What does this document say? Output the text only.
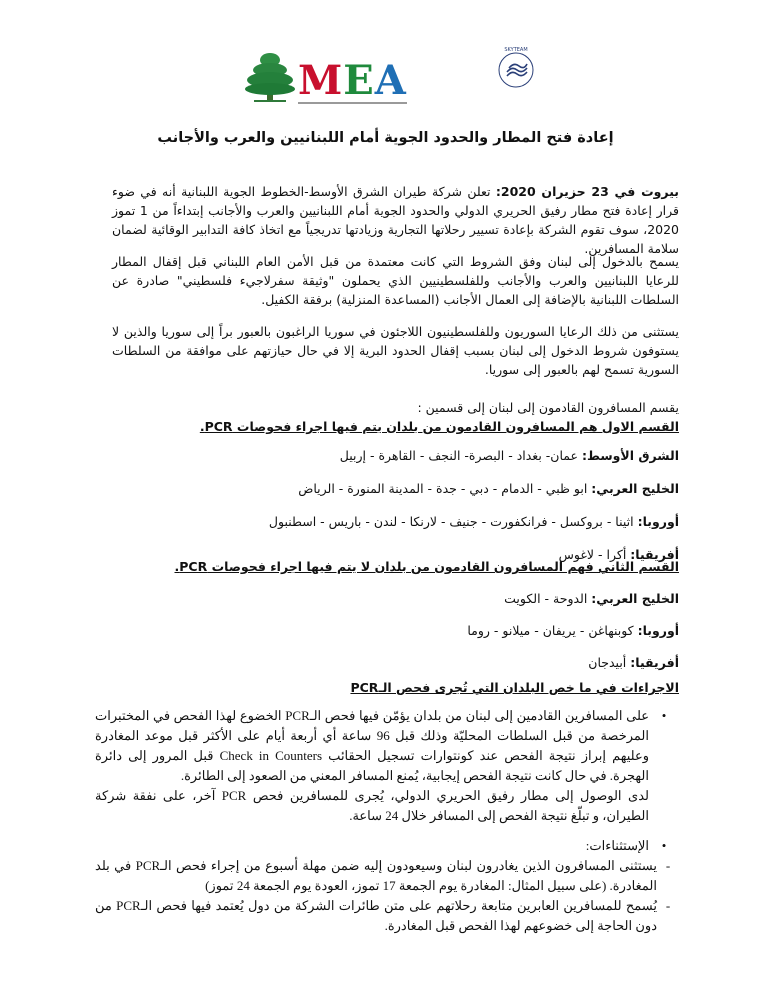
M E A
SKYTEAM
إعادة فتح المطار والحدود الجوية أمام اللبنانيين والعرب والأجانب

بيروت في 23 حزيران 2020: تعلن شركة طيران الشرق الأوسط-الخطوط الجوية اللبنانية أنه في ضوء قرار إعادة فتح مطار رفيق الحريري الدولي والحدود الجوية أمام اللبنانيين والعرب والأجانب إبتداءاً من 1 تموز 2020، سوف تقوم الشركة بإعادة تسيير رحلاتها التجارية وزيادتها تدريجياً مع اتخاذ كافة التدابير الوقائية لضمان سلامة المسافرين.

يسمح بالدخول إلى لبنان وفق الشروط التي كانت معتمدة من قبل الأمن العام اللبناني قبل إقفال المطار للرعايا اللبنانيين والعرب والأجانب وللفلسطينيين الذي يحملون "وثيقة سفرلاجيء فلسطيني" صادرة عن السلطات اللبنانية بالإضافة إلى العمال الأجانب (المساعدة المنزلية) برفقة الكفيل.

يستثنى من ذلك الرعايا السوريون وللفلسطينيون اللاجئون في سوريا الراغبون بالعبور براً إلى سوريا والذين لا يستوفون شروط الدخول إلى لبنان بسبب إقفال الحدود البرية إلا في حال حيازتهم على موافقة من السلطات السورية تسمح لهم بالعبور إلى سوريا.

يقسم المسافرون القادمون إلى لبنان إلى قسمين :

القسم الاول هم المسافرون القادمون من بلدان يتم فيها اجراء فحوصات PCR.

الشرق الأوسط: عمان- بغداد - البصرة- النجف - القاهرة - إربيل

الخليج العربي: ابو ظبي - الدمام - دبي - جدة - المدينة المنورة - الرياض

أوروبا: اثينا - بروكسل - فرانكفورت - جنيف - لارنكا - لندن - باريس - اسطنبول

أفريقيا: أكرا - لاغوس

القسم الثاني فهم المسافرون القادمون من بلدان لا يتم فيها اجراء فحوصات PCR.

الخليج العربي: الدوحة - الكويت

أوروبا: كوبنهاغن - يريفان - ميلانو - روما

أفريقيا: أبيدجان

الاجراءات في ما خص البلدان التي تُجرى فحص الـPCR

•
على المسافرين القادمين إلى لبنان من بلدان يؤمّن فيها فحص الـPCR الخضوع لهذا الفحص في المختبرات المرخصة من قبل السلطات المحليّة وذلك قبل 96 ساعة أي أربعة أيام على الأكثر قبل موعد المغادرة وعليهم إبراز نتيجة الفحص عند كونتوارات تسجيل الحقائب Check in Counters قبل المرور إلى دائرة الهجرة. في حال كانت نتيجة الفحص إيجابية، يُمنع المسافر المعني من الصعود إلى الطائرة.
لدى الوصول إلى مطار رفيق الحريري الدولي، يُجرى للمسافرين فحص PCR آخر، على نفقة شركة الطيران، و تبلّغ نتيجة الفحص إلى المسافر خلال 24 ساعة.
•
الإستثناءات:
-
يستثنى المسافرون الذين يغادرون لبنان وسيعودون إليه ضمن مهلة أسبوع من إجراء فحص الـPCR في بلد المغادرة. (على سبيل المثال: المغادرة يوم الجمعة 17 تموز، العودة يوم الجمعة 24 تموز)
-
يُسمح للمسافرين العابرين متابعة رحلاتهم على متن طائرات الشركة من دول يُعتمد فيها فحص الـPCR من دون الحاجة إلى خضوعهم لهذا الفحص قبل المغادرة.
